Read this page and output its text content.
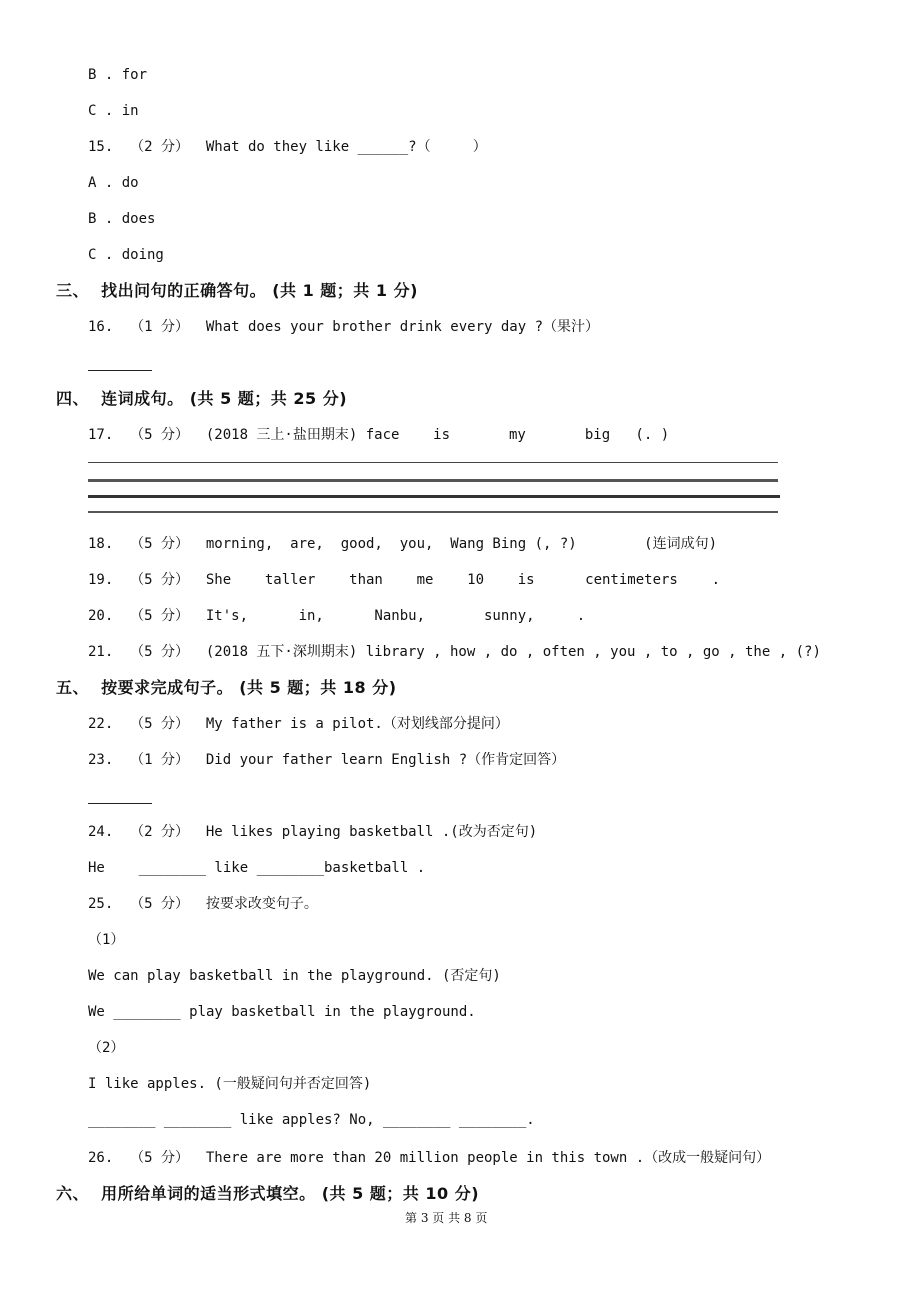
B . for
C . in
15.  （2 分）  What do they like ______?（     ）
A . do
B . does
C . doing
三、  找出问句的正确答句。 (共 1 题；共 1 分)
16.  （1 分）  What does your brother drink every day ?（果汁）
四、  连词成句。 (共 5 题；共 25 分)
17.  （5 分）  (2018 三上·盐田期末) face    is       my       big   (. )
18.  （5 分）  morning,  are,  good,  you,  Wang Bing (, ?)        (连词成句)
19.  （5 分）  She    taller    than    me    10    is      centimeters    .
20.  （5 分）  It's,      in,      Nanbu,       sunny,     .
21.  （5 分）  (2018 五下·深圳期末) library , how , do , often , you , to , go , the , (?)
五、  按要求完成句子。 (共 5 题；共 18 分)
22.  （5 分）  My father is a pilot.（对划线部分提问）
23.  （1 分）  Did your father learn English ?（作肯定回答）
24.  （2 分）  He likes playing basketball .(改为否定句)
He    ________ like ________basketball .
25.  （5 分）  按要求改变句子。
（1）
We can play basketball in the playground. (否定句)
We ________ play basketball in the playground.
（2）
I like apples. (一般疑问句并否定回答)
________ ________ like apples? No, ________ ________.
26.  （5 分）  There are more than 20 million people in this town .（改成一般疑问句）
六、  用所给单词的适当形式填空。 (共 5 题；共 10 分)
第 3 页 共 8 页
